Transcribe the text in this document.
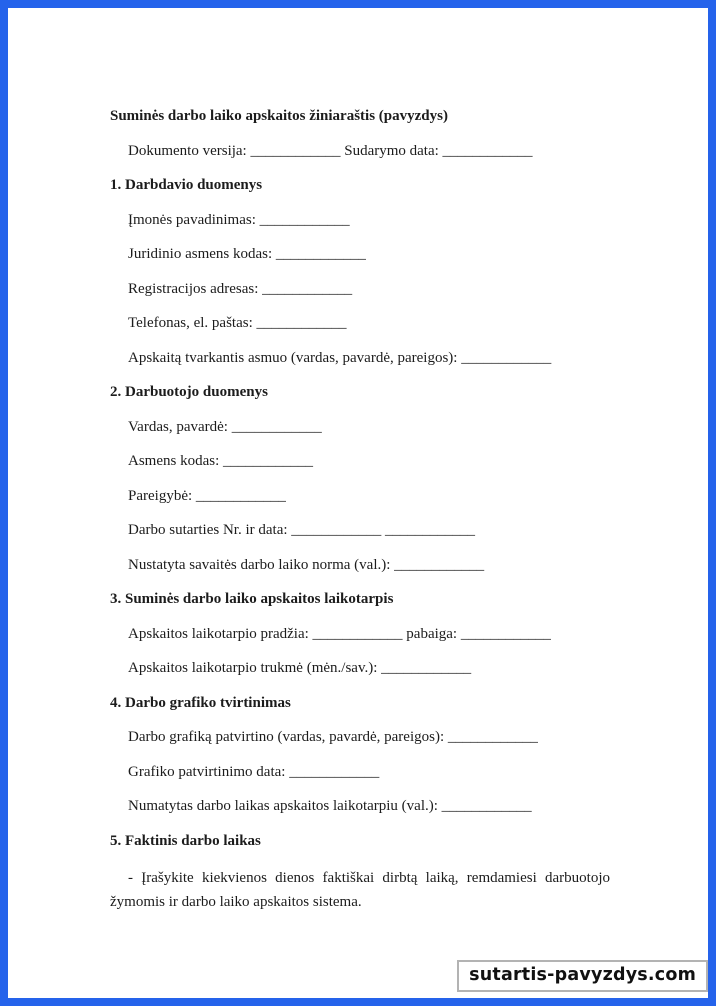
Suminės darbo laiko apskaitos žiniaraštis (pavyzdys)

Dokumento versija: ____________ Sudarymo data: ____________

1. Darbdavio duomenys

Įmonės pavadinimas: ____________

Juridinio asmens kodas: ____________

Registracijos adresas: ____________

Telefonas, el. paštas: ____________

Apskaitą tvarkantis asmuo (vardas, pavardė, pareigos): ____________

2. Darbuotojo duomenys

Vardas, pavardė: ____________

Asmens kodas: ____________

Pareigybė: ____________

Darbo sutarties Nr. ir data: ____________ ____________

Nustatyta savaitės darbo laiko norma (val.): ____________

3. Suminės darbo laiko apskaitos laikotarpis

Apskaitos laikotarpio pradžia: ____________ pabaiga: ____________

Apskaitos laikotarpio trukmė (mėn./sav.): ____________

4. Darbo grafiko tvirtinimas

Darbo grafiką patvirtino (vardas, pavardė, pareigos): ____________

Grafiko patvirtinimo data: ____________

Numatytas darbo laikas apskaitos laikotarpiu (val.): ____________

5. Faktinis darbo laikas

- Įrašykite kiekvienos dienos faktiškai dirbtą laiką, remdamiesi darbuotojo žymomis ir darbo laiko apskaitos sistema.

sutartis-pavyzdys.com
